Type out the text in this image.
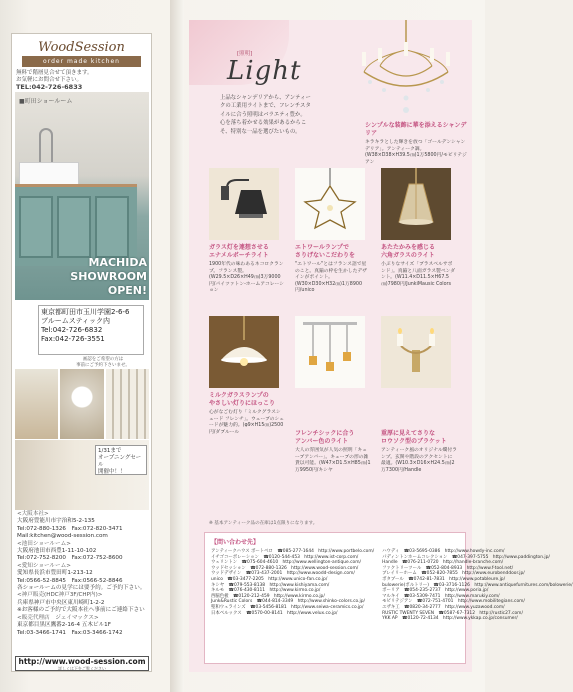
WoodSession
order made kitchen
無料で階層見合せて頂きます。
お気軽にお問合せ下さい。
TEL:042-726-6833
■町田ショールーム
MACHIDA
SHOWROOM
OPEN!
東京都町田市玉川学園2-6-6
ブルームスティック内
Tel:042-726-6832
Fax:042-726-3551
画認をご希望の方は
事前にご予約下さいませ。
1/31まで
オープニングセール
開催中！！
<大阪本社>
大阪府豊能川市宇治和5-2-135
Tel:072-880-1326　Fax:072-820-3471
Mail:kitchen@wood-session.com
<池田ショールーム>
大阪府池田市西豊1-11-10-102
Tel:072-752-8200　Fax:072-752-8600
<愛知ショールーム>
愛知県長浜市豊田町1-213-12
Tel:0566-52-8845　Fax:0566-52-8846
各ショールームの見学には要予約。ご予約下さい。
<神戸販売(HDC神戸3F/CHP内)>
兵庫県神戸市中央区東川崎町1-2-2
※お客様のご予約で大阪本社へ事前にご連絡下さい
<販売代理店　ジェイマックス>
東京都目黒区鷹番2-16-4 五木ビル1F
Tel:03-3466-1741　Fax:03-3466-1742
http://www.wood-session.com
詳しくは下をご覧ください
[照明]
Light
上品なシャンデリアから、アンティー
クの工業用ライトまで、フレンチスタ
イルに合う照明はバラエティ豊か。
心を落ち着かせる効果があるからこ
そ、特別な一品を選びたいもの。
シンプルな装飾に華を添えるシャンデリア
キラキラとした輝きを放つ「ゴールデンシャンデリア」。アンティーク調。(W38×D38×H39.5㎝)1万5800円/モビリテジアン
ガラス灯を連想させる
エナメルボーチライト
1900年代の味わあるネコロクランプ。フランス製。(W29.5×D26×H49㎝)3万9000円/パイツァトン-ホームアコレーション
エトワールランプで
さりげないこだわりを
"エトワール"とはフランス語で星のこと。真鍮の枠を生かしたデザインがポイント。(W30×D30×H32㎝)1万8900円/unico
あたたかみを感じる
六角ガラスのライト
小ぶりなサイズ「ブラスベルサポンド」。真鍮と八面ガラス製ペンダント。(W11.4×D11.5×H67.5㎝)7980円/JunkiMausic Colors
ミルクガラスランプの
やさしい灯りにほっこり
心がなごむ灯り「ミルクグラスシェード フレンチ」。ウェーブのシェードが魅力的。(φ9×H15㎝)2500円/ダブルール	フレンチシックに合う
アンバー色のライト
大人の雰囲気が人気の照明「キューブアンバー」。キューブの形の雑貨以可能。(W47×D1.5×H85㎝)1万9950円/キシヤ
重厚に見えてさりな
ロウソク型のブラケット
アンティーク風のオリジナル燭付ランプ。玄関や階段のアクセントに最適。(W10.3×D16×H24.5㎝)2万7300円/Handle
※ 基本アンティーク品の在庫は1点限りになります。
【問い合わせ先】
アンティークハウス ボートベロ　☎085-277-1644　http://www.portbelo.com/
イチゴコーポレーション　☎0120-544-453　http://www.ist-corp.com/
ウェリントン　☎075-604-4610　http://www.wellington-antique.com/
ウッドセッション　☎072-880-1326　http://www.wood-session.com/
ウッドデザイン　☎073-437-2001　http://www.woodd-design.com/
unico　☎03-3477-2205　http://www.unico-fan.co.jp/
キシヤ　☎079-553-8138　http://www.kishiyama.com/
キルモ　☎076-430-8111　http://www.kirmo.co.jp/
西脇色板　☎0120-212-459　http://www.kirmo.co.jp/
Junk&Rustic Colors　☎044-814-3349　http://www.shinko-colors.co.jp/
聖和ウェラインズ　☎03-5456-8181　http://www.seiwa-ceramics.co.jp/
日本ベルックス　☎0570-00-8141　http://www.velux.co.jp/
ハウディ　☎03-5695-0386　http://www.howdy-inc.com/
パディントンホームコレクション　☎047-397-5755　http://www.paddington.jp/
Handle　☎076-211-0720　http://handle-branche.com/
ファクトリーツール　☎052-804-8933　http://www.f-tool.net/
ブレイリーホーム　☎052-820-7855　http://www.eurobenddoor.jp/
ポタブール　☎0742-81-7831　http://www.potableure.jp/
bulowerie(ボルトリー)　☎03-3716-1126　http://www.antiquefurnitures.com/bolowerie/
ポーリア　☎054-235-2737　http://www.poria.jp/
マルキイ　☎03-5309-7471　http://www.marukiy.com/
モビリテジアン　☎072-751-4701　http://www.mobilitegians.com/
ユザキ工　☎0820-34-2777　http://www.yuzawood.com/
RUSTIC TWENTY SEVEN　☎0587-67-7312　http://rustic27.com/
YKK AP　☎0120-72-4134　http://www.ykkap.co.jp/consumer/
